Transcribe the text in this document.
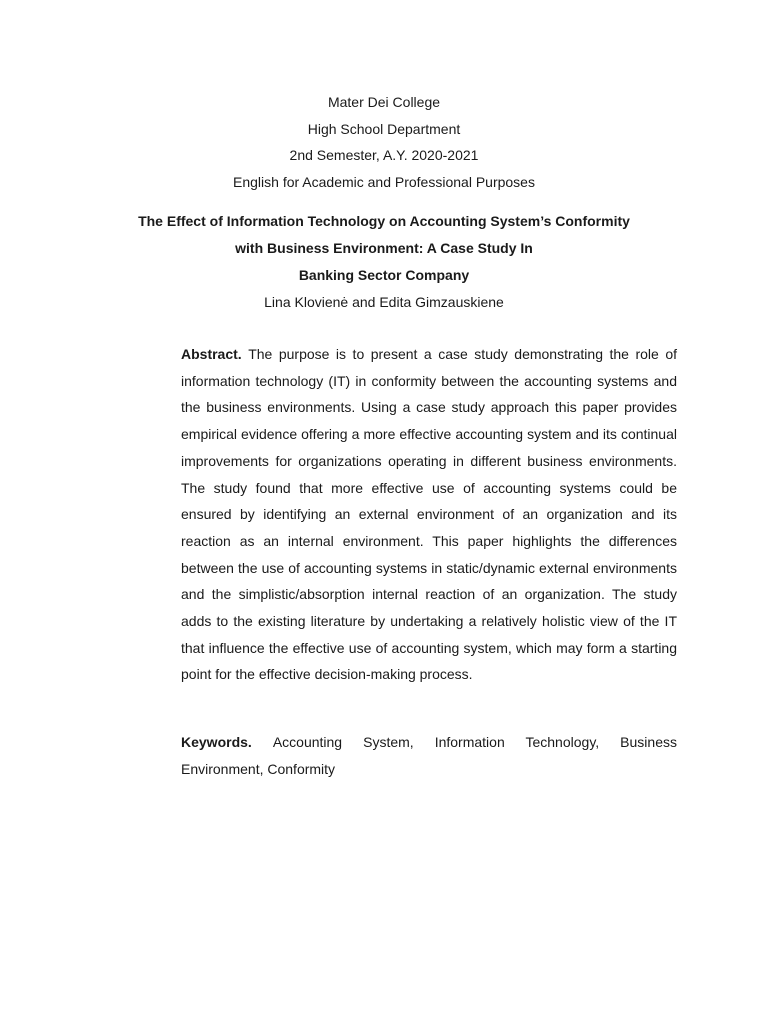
Mater Dei College
High School Department
2nd Semester, A.Y. 2020-2021
English for Academic and Professional Purposes
The Effect of Information Technology on Accounting System’s Conformity
with Business Environment: A Case Study In
Banking Sector Company
Lina Klovienė and Edita Gimzauskiene
Abstract. The purpose is to present a case study demonstrating the role of information technology (IT) in conformity between the accounting systems and the business environments. Using a case study approach this paper provides empirical evidence offering a more effective accounting system and its continual improvements for organizations operating in different business environments. The study found that more effective use of accounting systems could be ensured by identifying an external environment of an organization and its reaction as an internal environment. This paper highlights the differences between the use of accounting systems in static/dynamic external environments and the simplistic/absorption internal reaction of an organization. The study adds to the existing literature by undertaking a relatively holistic view of the IT that influence the effective use of accounting system, which may form a starting point for the effective decision-making process.
Keywords. Accounting System, Information Technology, Business Environment, Conformity
